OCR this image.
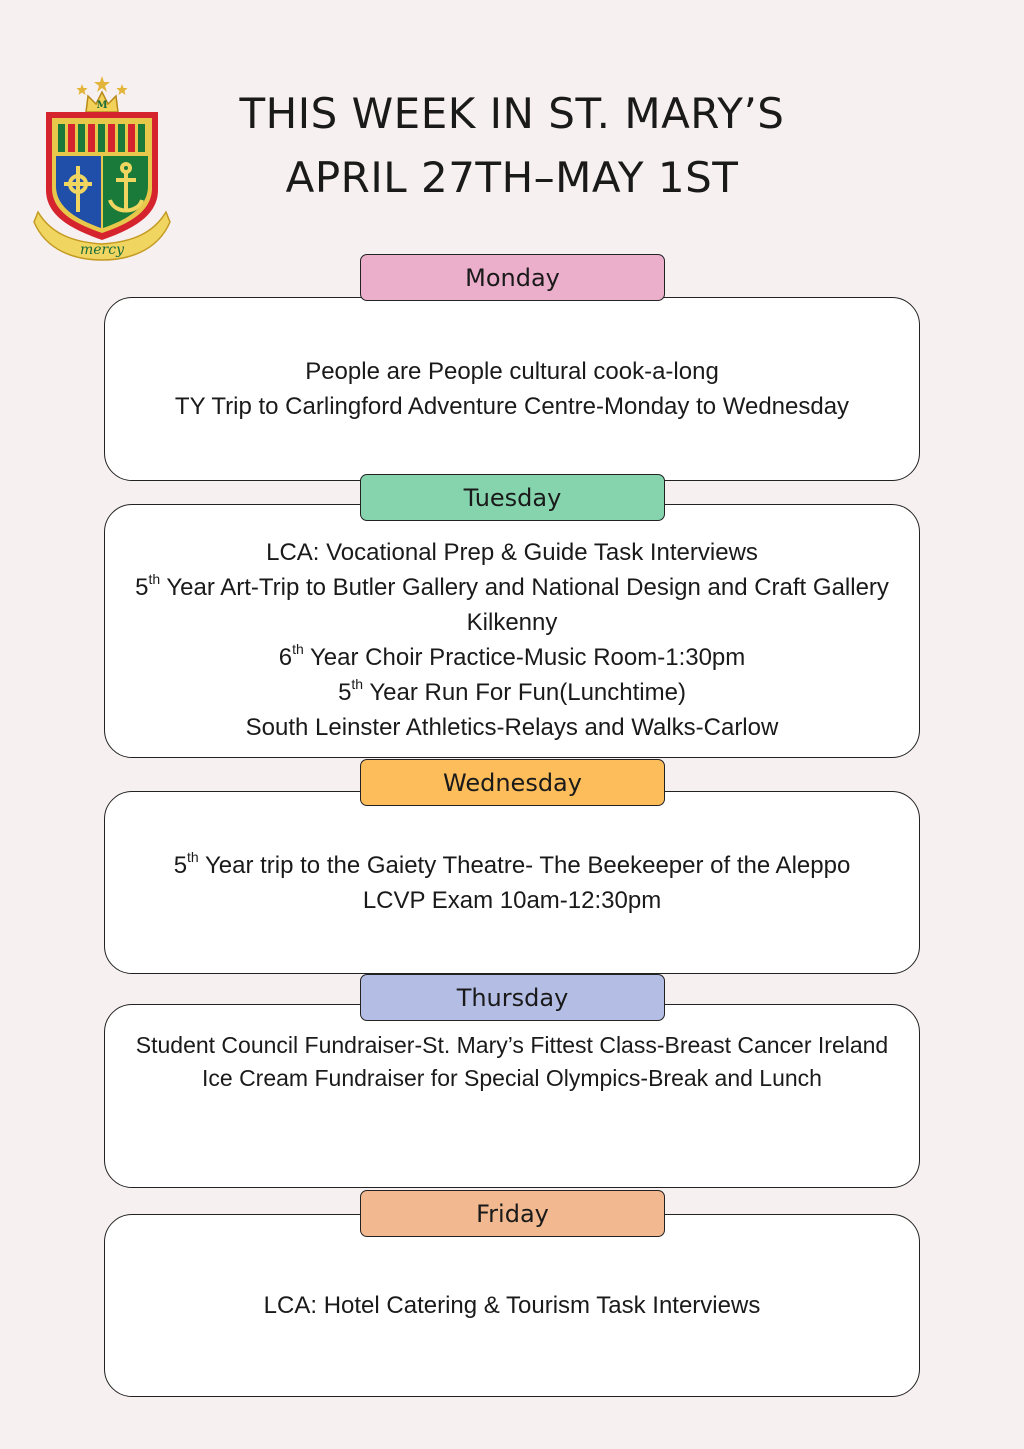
M
mercy
THIS WEEK IN ST. MARY’S
APRIL 27TH–MAY 1ST
Monday
People are People cultural cook-a-long
TY Trip to Carlingford Adventure Centre-Monday to Wednesday
Tuesday
LCA: Vocational Prep & Guide Task Interviews
5th Year Art-Trip to Butler Gallery and National Design and Craft Gallery Kilkenny
6th Year Choir Practice-Music Room-1:30pm
5th Year Run For Fun(Lunchtime)
South Leinster Athletics-Relays and Walks-Carlow
Wednesday
5th Year trip to the Gaiety Theatre- The Beekeeper of the Aleppo
LCVP Exam 10am-12:30pm
Thursday
Student Council Fundraiser-St. Mary’s Fittest Class-Breast Cancer Ireland
Ice Cream Fundraiser for Special Olympics-Break and Lunch
Friday
LCA: Hotel Catering & Tourism Task Interviews
